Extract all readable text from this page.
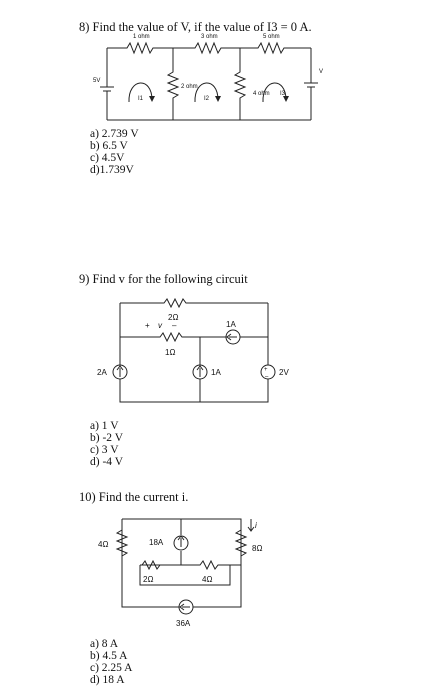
8) Find the value of V, if the value of I3 = 0 A.
1 ohm	3 ohm	5 ohm
5V
2 ohm
4 ohm
I1	I2
I3
V
a) 2.739 V
b) 6.5 V
c) 4.5V
d)1.739V
9) Find v for the following circuit
2Ω
+ v –
1Ω
2A	1A
1A
2V
+
–
a) 1 V
b) -2 V
c) 3 V
d) -4 V
10) Find the current i.
4Ω	18A
2Ω	4Ω
i
8Ω
36A
a) 8 A
b) 4.5 A
c) 2.25 A
d) 18 A
